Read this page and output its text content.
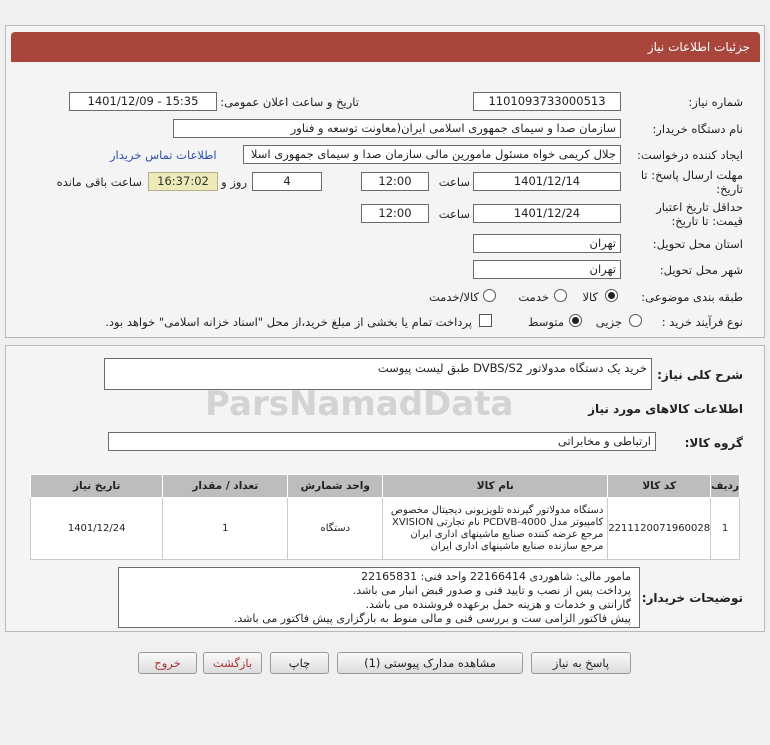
جزئیات اطلاعات نیاز
شماره نیاز:
1101093733000513
تاریخ و ساعت اعلان عمومی:
1401/12/09 - 15:35
نام دستگاه خریدار:
سازمان صدا و سیمای جمهوری اسلامی ایران(معاونت توسعه و فناور
ایجاد کننده درخواست:
جلال کریمی خواه مسئول مامورین مالی سازمان صدا و سیمای جمهوری اسلا
اطلاعات تماس خریدار
مهلت ارسال پاسخ: تا
تاریخ:
1401/12/14
ساعت
12:00
4
روز و
16:37:02
ساعت باقی مانده
حداقل تاریخ اعتبار
قیمت: تا تاریخ:
1401/12/24
ساعت
12:00
استان محل تحویل:
تهران
شهر محل تحویل:
تهران
طبقه بندی موضوعی:
کالا
خدمت
کالا/خدمت
نوع فرآیند خرید :
جزیی
متوسط
پرداخت تمام یا بخشی از مبلغ خرید،از محل "اسناد خزانه اسلامی" خواهد بود.
شرح کلی نیاز:
خرید یک دستگاه مدولاتور DVBS/S2 طبق لیست پیوست
اطلاعات کالاهای مورد نیاز
گروه کالا:
ارتباطی و مخابراتی
ParsNamadData
ردیف	کد کالا	نام کالا	واحد شمارش	تعداد / مقدار	تاریخ نیاز
1	2211120071960028	دستگاه مدولاتور گیرنده تلویزیونی دیجیتال مخصوص کامپیوتر مدل PCDVB-4000 نام تجارتی XVISION مرجع عرضه کننده صنایع ماشینهای اداری ایران مرجع سازنده صنایع ماشینهای اداری ایران	دستگاه	1	1401/12/24
توضیحات خریدار:
مامور مالی: شاهوردی 22166414 واحد فنی: 22165831
پرداخت پس از نصب و تایید فنی و صدور قبض انبار می باشد.
گارانتی و خدمات و هزینه حمل برعهده فروشنده می باشد.
پیش فاکتور الزامی ست و بررسی فنی و مالی منوط به بارگزاری پیش فاکتور می باشد.
پاسخ به نیاز
مشاهده مدارک پیوستی (1)
چاپ
بازگشت
خروج
